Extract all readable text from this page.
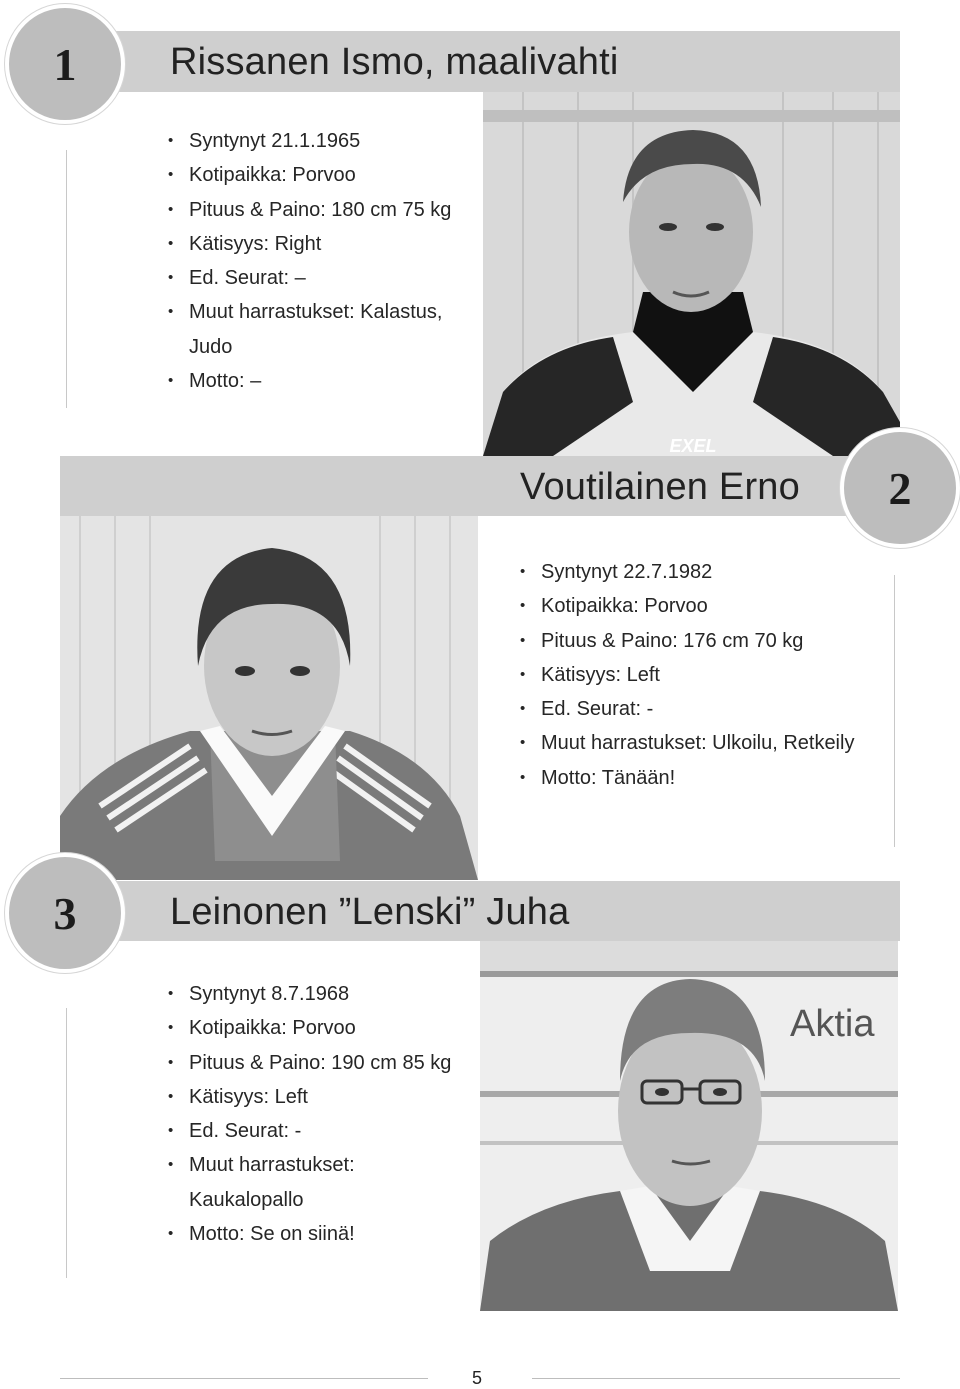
1 Rissanen Ismo, maalivahti
• Syntynyt 21.1.1965
• Kotipaikka: Porvoo
• Pituus & Paino: 180 cm 75 kg
• Kätisyys: Right
• Ed. Seurat: –
• Muut harrastukset: Kalastus, Judo
• Motto: –
EXEL
2
Voutilainen Erno
• Syntynyt 22.7.1982
• Kotipaikka: Porvoo
• Pituus & Paino: 176 cm 70 kg
• Kätisyys: Left
• Ed. Seurat: -
• Muut harrastukset: Ulkoilu, Retkeily
• Motto: Tänään!
3 Leinonen ”Lenski” Juha
• Syntynyt 8.7.1968
• Kotipaikka: Porvoo
• Pituus & Paino: 190 cm 85 kg
• Kätisyys: Left
• Ed. Seurat: -
• Muut harrastukset: Kaukalopallo
• Motto: Se on siinä!
Aktia
5
